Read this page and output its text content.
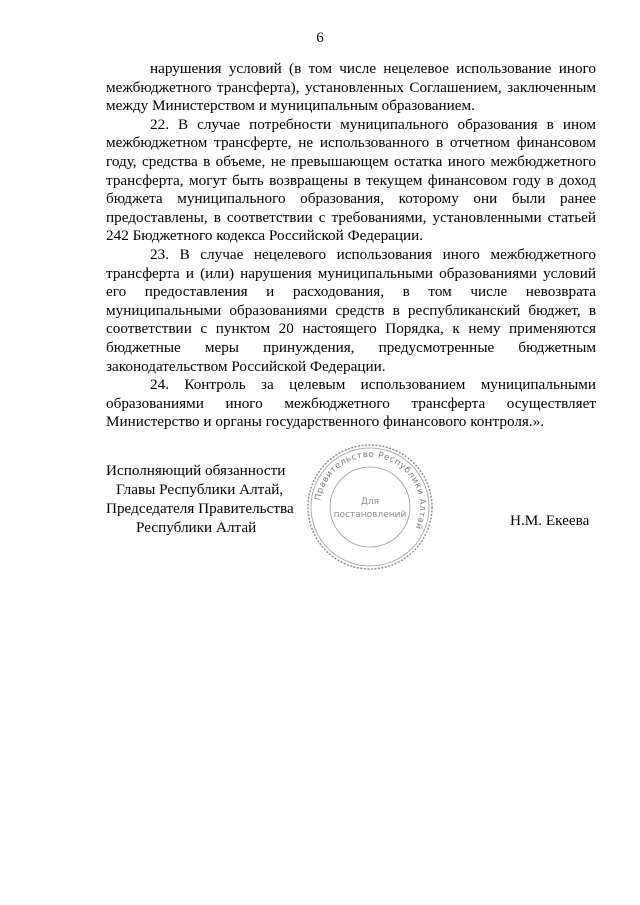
6

нарушения условий (в том числе нецелевое использование иного межбюджетного трансферта), установленных Соглашением, заключенным между Министерством и муниципальным образованием.

22. В случае потребности муниципального образования в ином межбюджетном трансферте, не использованного в отчетном финансовом году, средства в объеме, не превышающем остатка иного межбюджетного трансферта, могут быть возвращены в текущем финансовом году в доход бюджета муниципального образования, которому они были ранее предоставлены, в соответствии с требованиями, установленными статьей 242 Бюджетного кодекса Российской Федерации.

23. В случае нецелевого использования иного межбюджетного трансферта и (или) нарушения муниципальными образованиями условий его предоставления и расходования, в том числе невозврата муниципальными образованиями средств в республиканский бюджет, в соответствии с пунктом 20 настоящего Порядка, к нему применяются бюджетные меры принуждения, предусмотренные бюджетным законодательством Российской Федерации.

24. Контроль за целевым использованием муниципальными образованиями иного межбюджетного трансферта осуществляет Министерство и органы государственного финансового контроля.».

Исполняющий обязанности
Главы Республики Алтай,
Председателя Правительства
Республики Алтай
Правительство Республики Алтай
Для
постановлений	Н.М. Екеева
